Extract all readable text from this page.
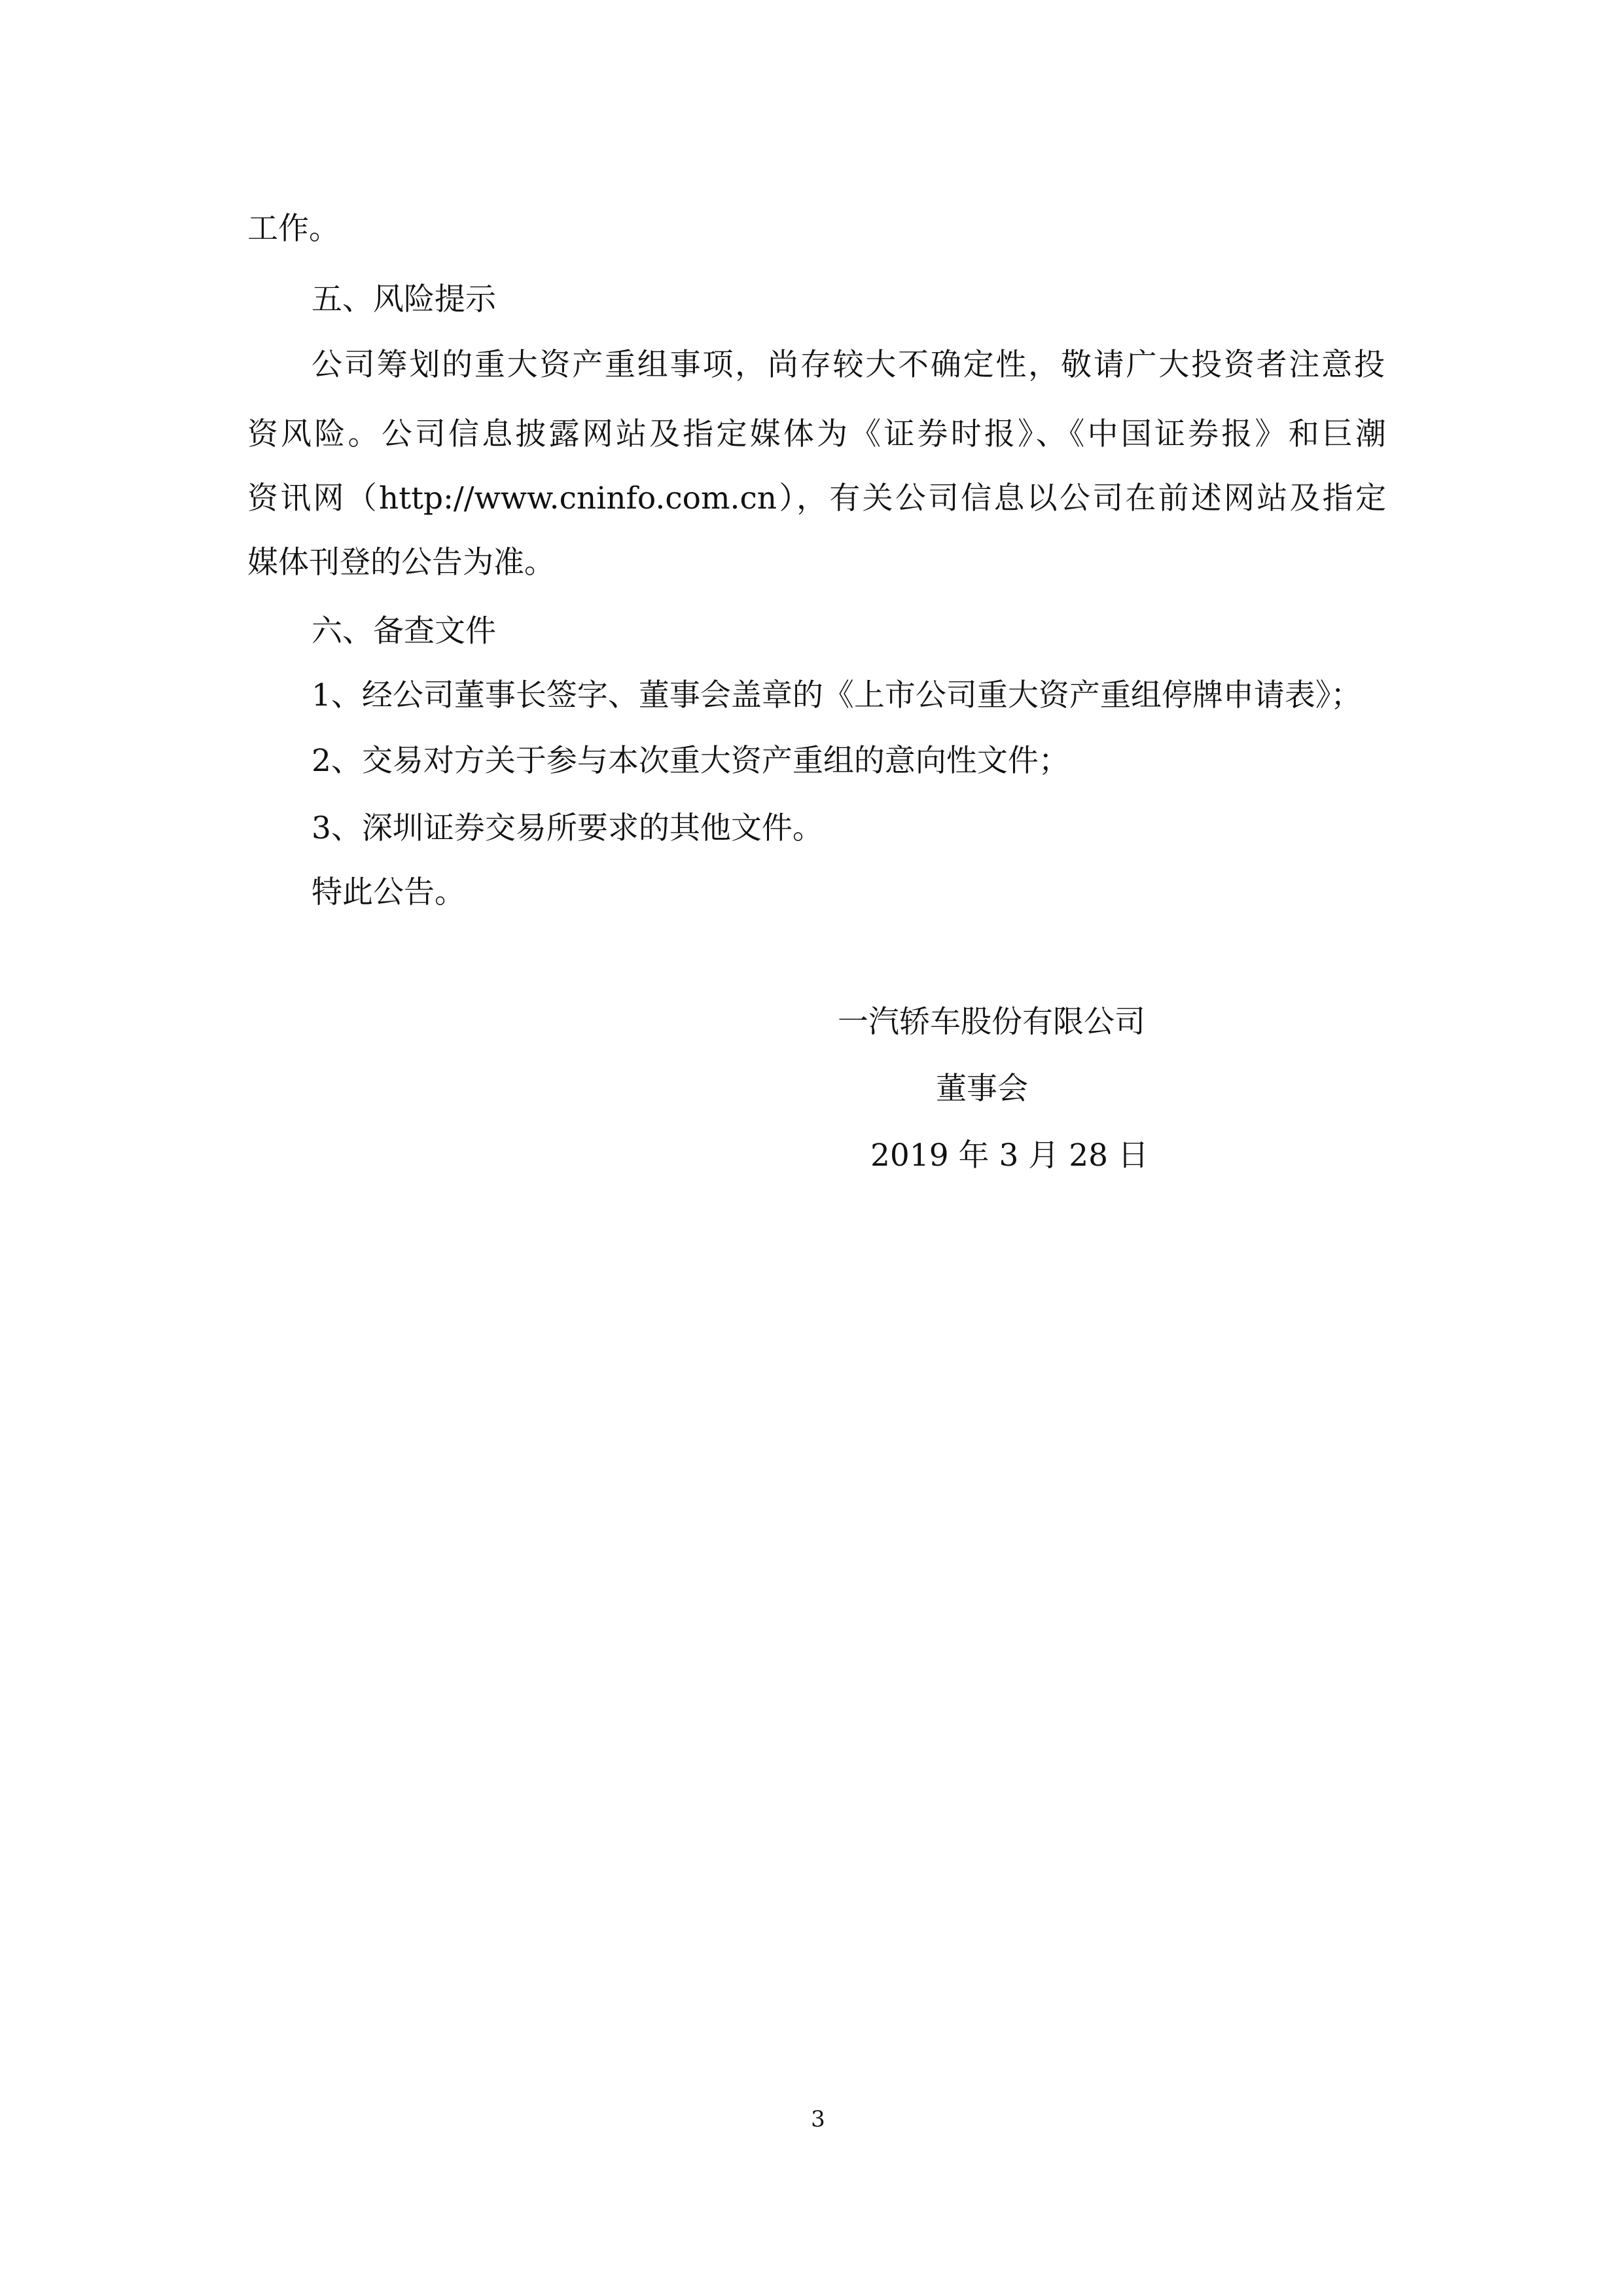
工作。
五、风险提示
公司筹划的重大资产重组事项，尚存较大不确定性，敬请广大投资者注意投
资风险。公司信息披露网站及指定媒体为《证券时报》、《中国证券报》和巨潮
资讯网（http://www.cninfo.com.cn），有关公司信息以公司在前述网站及指定
媒体刊登的公告为准。
六、备查文件
1、经公司董事长签字、董事会盖章的《上市公司重大资产重组停牌申请表》；
2、交易对方关于参与本次重大资产重组的意向性文件；
3、深圳证券交易所要求的其他文件。
特此公告。
一汽轿车股份有限公司
董事会
2019 年 3 月 28 日
3
